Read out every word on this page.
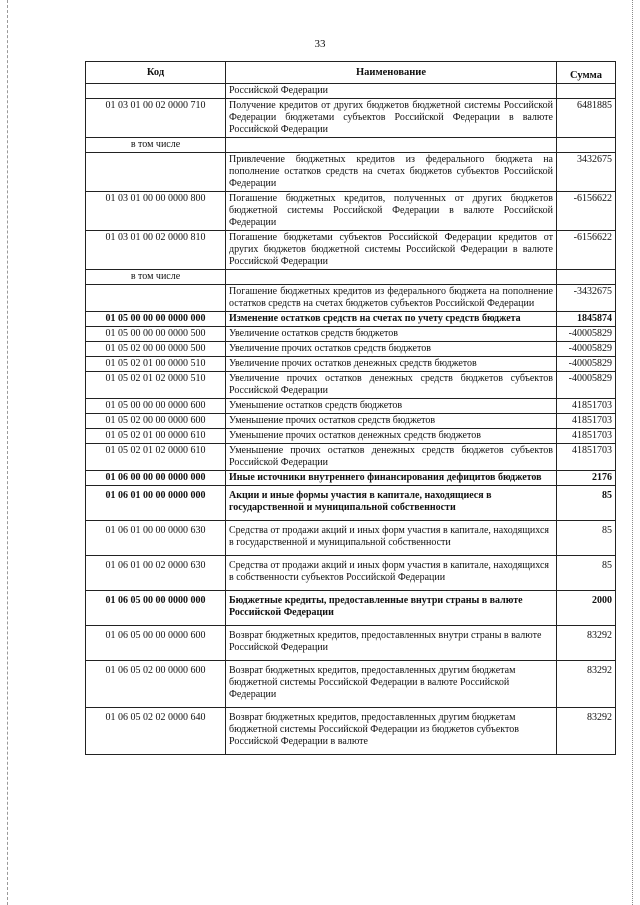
33
Код	Наименование	Сумма
	Российской Федерации	
01 03 01 00 02 0000 710	Получение кредитов от других бюджетов бюджетной системы Российской Федерации бюджетами субъектов Российской Федерации в валюте Российской Федерации	6481885
в том числе		
	Привлечение бюджетных кредитов из федерального бюджета на пополнение остатков средств на счетах бюджетов субъектов Российской Федерации	3432675
01 03 01 00 00 0000 800	Погашение бюджетных кредитов, полученных от других бюджетов бюджетной системы Российской Федерации в валюте Российской Федерации	-6156622
01 03 01 00 02 0000 810	Погашение бюджетами субъектов Российской Федерации кредитов от других бюджетов бюджетной системы Российской Федерации в валюте Российской Федерации	-6156622
в том числе		
	Погашение бюджетных кредитов из федерального бюджета на пополнение остатков средств на счетах бюджетов субъектов Российской Федерации	-3432675
01 05 00 00 00 0000 000	Изменение остатков средств на счетах по учету средств бюджета	1845874
01 05 00 00 00 0000 500	Увеличение остатков средств бюджетов	-40005829
01 05 02 00 00 0000 500	Увеличение прочих остатков средств бюджетов	-40005829
01 05 02 01 00 0000 510	Увеличение прочих остатков денежных средств бюджетов	-40005829
01 05 02 01 02 0000 510	Увеличение прочих остатков денежных средств бюджетов субъектов Российской Федерации	-40005829
01 05 00 00 00 0000 600	Уменьшение остатков средств бюджетов	41851703
01 05 02 00 00 0000 600	Уменьшение прочих остатков средств бюджетов	41851703
01 05 02 01 00 0000 610	Уменьшение прочих остатков денежных средств бюджетов	41851703
01 05 02 01 02 0000 610	Уменьшение прочих остатков денежных средств бюджетов субъектов Российской Федерации	41851703
01 06 00 00 00 0000 000	Иные источники внутреннего финансирования дефицитов бюджетов	2176
01 06 01 00 00 0000 000	Акции и иные формы участия в капитале, находящиеся в государственной и муниципальной собственности	85
01 06 01 00 00 0000 630	Средства от продажи акций и иных форм участия в капитале, находящихся в государственной и муниципальной собственности	85
01 06 01 00 02 0000 630	Средства от продажи акций и иных форм участия в капитале, находящихся в собственности субъектов Российской Федерации	85
01 06 05 00 00 0000 000	Бюджетные кредиты, предоставленные внутри страны в валюте Российской Федерации	2000
01 06 05 00 00 0000 600	Возврат бюджетных кредитов, предоставленных внутри страны в валюте Российской Федерации	83292
01 06 05 02 00 0000 600	Возврат бюджетных кредитов, предоставленных другим бюджетам бюджетной системы Российской Федерации в валюте Российской Федерации	83292
01 06 05 02 02 0000 640	Возврат бюджетных кредитов, предоставленных другим бюджетам бюджетной системы Российской Федерации из бюджетов субъектов Российской Федерации в валюте	83292
